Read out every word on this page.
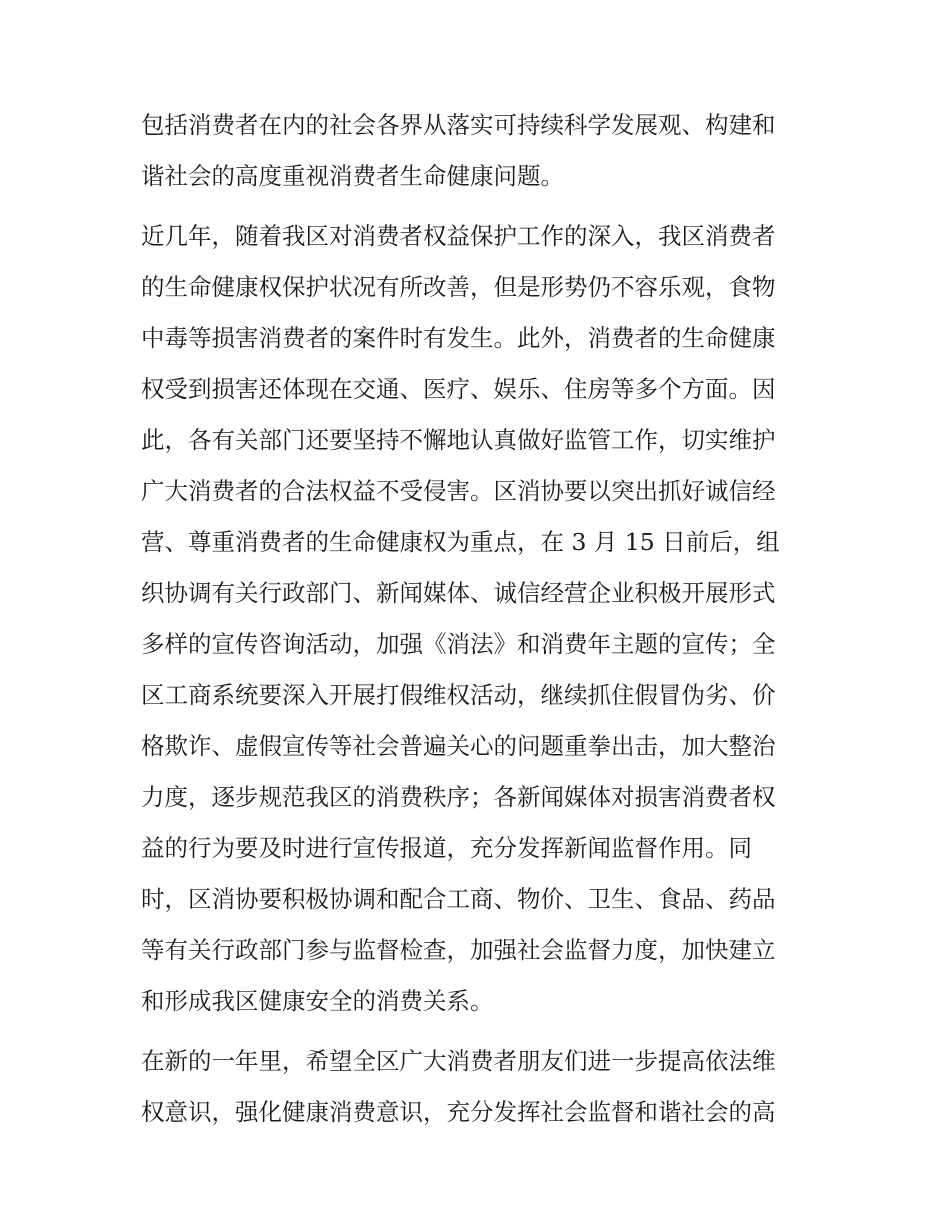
包括消费者在内的社会各界从落实可持续科学发展观、构建和
谐社会的高度重视消费者生命健康问题。
近几年，随着我区对消费者权益保护工作的深入，我区消费者
的生命健康权保护状况有所改善，但是形势仍不容乐观，食物
中毒等损害消费者的案件时有发生。此外，消费者的生命健康
权受到损害还体现在交通、医疗、娱乐、住房等多个方面。因
此，各有关部门还要坚持不懈地认真做好监管工作，切实维护
广大消费者的合法权益不受侵害。区消协要以突出抓好诚信经
营、尊重消费者的生命健康权为重点，在 3 月 15 日前后，组
织协调有关行政部门、新闻媒体、诚信经营企业积极开展形式
多样的宣传咨询活动，加强《消法》和消费年主题的宣传；全
区工商系统要深入开展打假维权活动，继续抓住假冒伪劣、价
格欺诈、虚假宣传等社会普遍关心的问题重拳出击，加大整治
力度，逐步规范我区的消费秩序；各新闻媒体对损害消费者权
益的行为要及时进行宣传报道，充分发挥新闻监督作用。同
时，区消协要积极协调和配合工商、物价、卫生、食品、药品
等有关行政部门参与监督检查，加强社会监督力度，加快建立
和形成我区健康安全的消费关系。
在新的一年里，希望全区广大消费者朋友们进一步提高依法维
权意识，强化健康消费意识，充分发挥社会监督和谐社会的高
